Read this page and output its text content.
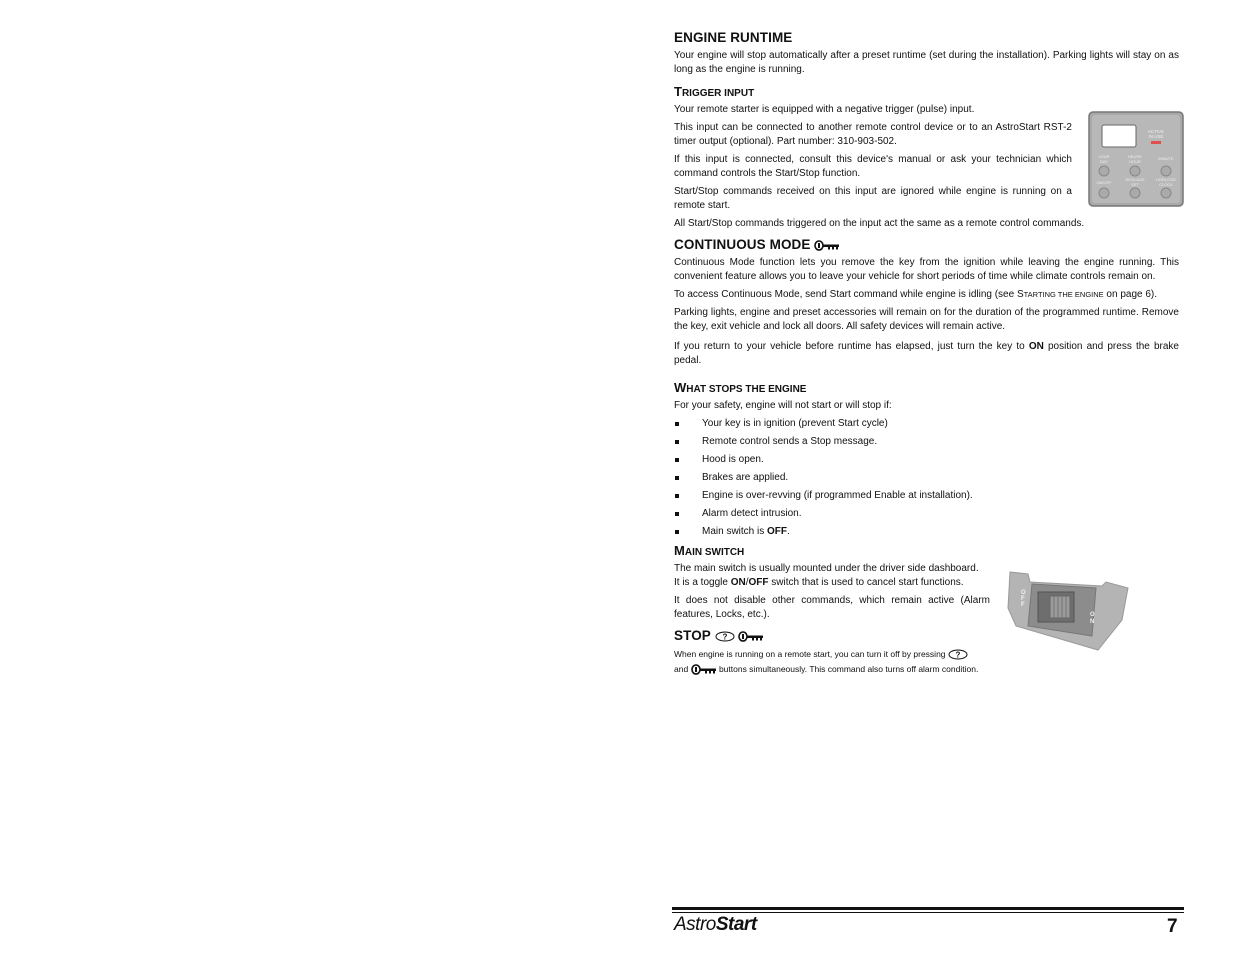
ENGINE RUNTIME

Your engine will stop automatically after a preset runtime (set during the installation). Parking lights will stay on as long as the engine is running.

TRIGGER INPUT

Your remote starter is equipped with a negative trigger (pulse) input.

This input can be connected to another remote control device or to an AstroStart RST-2 timer output (optional). Part number: 310-903-502.

If this input is connected, consult this device's manual or ask your technician which command controls the Start/Stop function.

Start/Stop commands received on this input are ignored while engine is running on a remote start.

All Start/Stop commands triggered on the input act the same as a remote control commands.

CONTINUOUS MODE

Continuous Mode function lets you remove the key from the ignition while leaving the engine running. This convenient feature allows you to leave your vehicle for short periods of time while climate controls remain on.

To access Continuous Mode, send Start command while engine is idling (see STARTING THE ENGINE on page 6).

Parking lights, engine and preset accessories will remain on for the duration of the programmed runtime. Remove the key, exit vehicle and lock all doors. All safety devices will remain active.

If you return to your vehicle before runtime has elapsed, just turn the key to ON position and press the brake pedal.

WHAT STOPS THE ENGINE

For your safety, engine will not start or will stop if:

Your key is in ignition (prevent Start cycle)
Remote control sends a Stop message.
Hood is open.
Brakes are applied.
Engine is over-revving (if programmed Enable at installation).
Alarm detect intrusion.
Main switch is OFF.
MAIN SWITCH

The main switch is usually mounted under the driver side dashboard.
It is a toggle ON/OFF switch that is used to cancel start functions.

It does not disable other commands, which remain active (Alarm features, Locks, etc.).

STOP ?

When engine is running on a remote start, you can turn it off by pressing ?

and	buttons simultaneously. This command also turns off alarm condition.

ACTIVE
IN USE
JOUR
DAY
HEURE
HOUR
MINUTE
ON/OFF
REGLAGE
SET
HORLOGE
CLOCK
O
F
F
O
N
AstroStart	7
